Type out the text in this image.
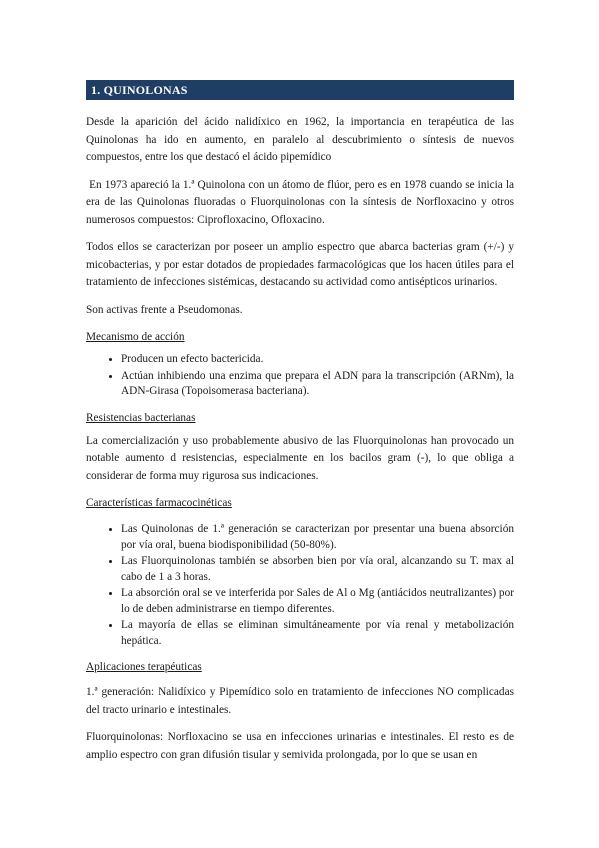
1. QUINOLONAS

Desde la aparición del ácido nalidíxico en 1962, la importancia en terapéutica de las Quinolonas ha ido en aumento, en paralelo al descubrimiento o síntesis de nuevos compuestos, entre los que destacó el ácido pipemídico

En 1973 apareció la 1.ª Quinolona con un átomo de flúor, pero es en 1978 cuando se inicia la era de las Quinolonas fluoradas o Fluorquinolonas con la síntesis de Norfloxacino y otros numerosos compuestos: Ciprofloxacino, Ofloxacino.

Todos ellos se caracterizan por poseer un amplio espectro que abarca bacterias gram (+/-) y micobacterias, y por estar dotados de propiedades farmacológicas que los hacen útiles para el tratamiento de infecciones sistémicas, destacando su actividad como antisépticos urinarios.

Son activas frente a Pseudomonas.

Mecanismo de acción
• Producen un efecto bactericida.
• Actúan inhibiendo una enzima que prepara el ADN para la transcripción (ARNm), la ADN-Girasa (Topoisomerasa bacteriana).
Resistencias bacterianas

La comercialización y uso probablemente abusivo de las Fluorquinolonas han provocado un notable aumento d resistencias, especialmente en los bacilos gram (-), lo que obliga a considerar de forma muy rigurosa sus indicaciones.

Características farmacocinéticas
• Las Quinolonas de 1.ª generación se caracterizan por presentar una buena absorción por vía oral, buena biodisponibilidad (50-80%).
• Las Fluorquinolonas también se absorben bien por vía oral, alcanzando su T. max al cabo de 1 a 3 horas.
• La absorción oral se ve interferida por Sales de Al o Mg (antiácidos neutralizantes) por lo de deben administrarse en tiempo diferentes.
• La mayoría de ellas se eliminan simultáneamente por vía renal y metabolización hepática.
Aplicaciones terapéuticas

1.ª generación: Nalidíxico y Pipemídico solo en tratamiento de infecciones NO complicadas del tracto urinario e intestinales.

Fluorquinolonas: Norfloxacino se usa en infecciones urinarias e intestinales. El resto es de amplio espectro con gran difusión tisular y semivida prolongada, por lo que se usan en
